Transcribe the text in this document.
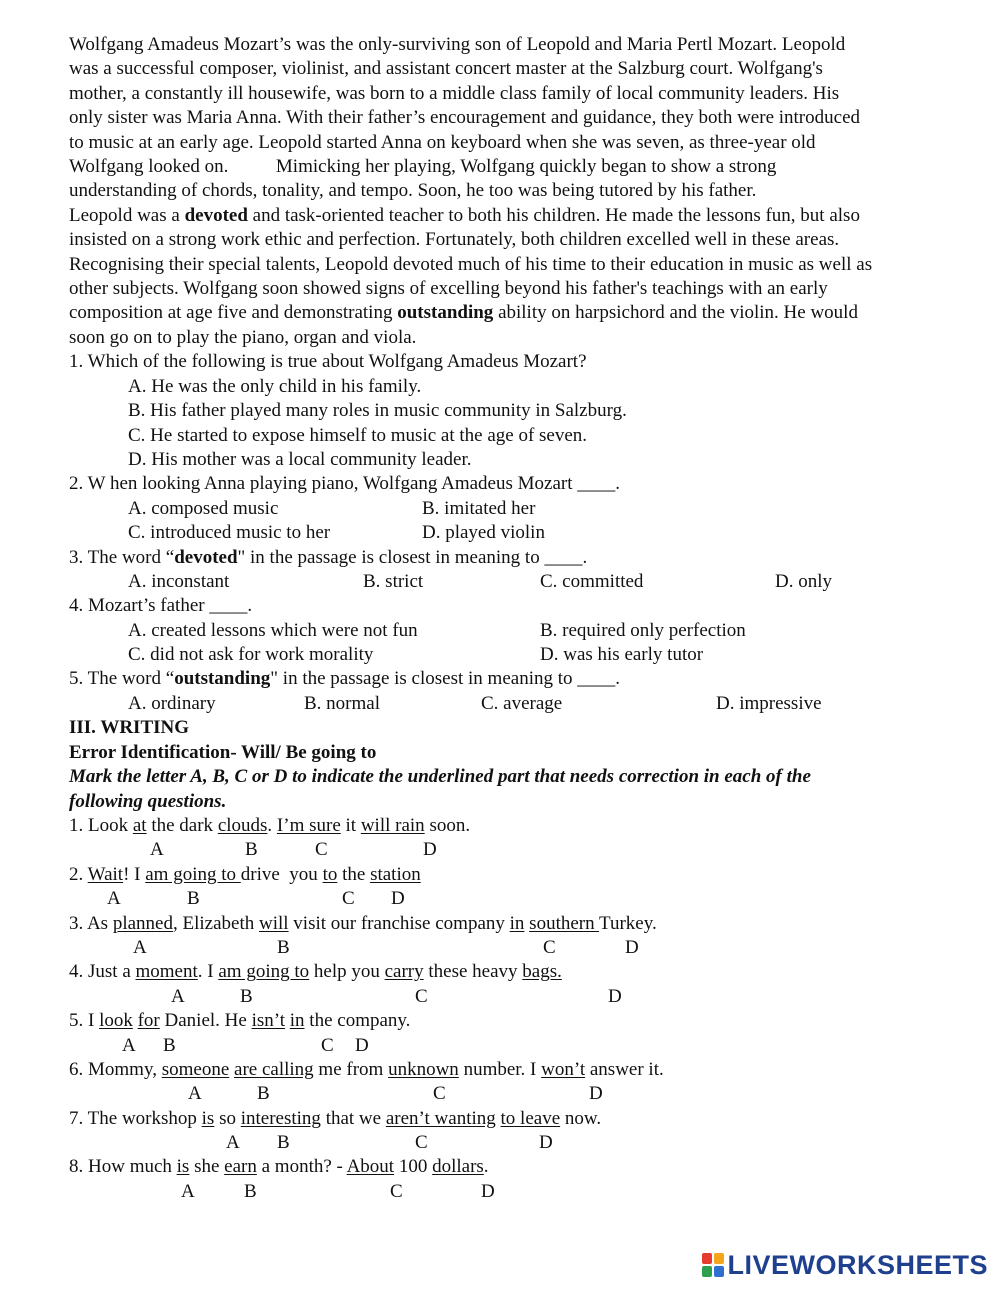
Wolfgang Amadeus Mozart’s was the only-surviving son of Leopold and Maria Pertl Mozart. Leopold
was a successful composer, violinist, and assistant concert master at the Salzburg court. Wolfgang's
mother, a constantly ill housewife, was born to a middle class family of local community leaders. His
only sister was Maria Anna. With their father’s encouragement and guidance, they both were introduced
to music at an early age. Leopold started Anna on keyboard when she was seven, as three-year old
Wolfgang looked on.          Mimicking her playing, Wolfgang quickly began to show a strong
understanding of chords, tonality, and tempo. Soon, he too was being tutored by his father.
Leopold was a devoted and task-oriented teacher to both his children. He made the lessons fun, but also
insisted on a strong work ethic and perfection. Fortunately, both children excelled well in these areas.
Recognising their special talents, Leopold devoted much of his time to their education in music as well as
other subjects. Wolfgang soon showed signs of excelling beyond his father's teachings with an early
composition at age five and demonstrating outstanding ability on harpsichord and the violin. He would
soon go on to play the piano, organ and viola.
1. Which of the following is true about Wolfgang Amadeus Mozart?
A. He was the only child in his family.
B. His father played many roles in music community in Salzburg.
C. He started to expose himself to music at the age of seven.
D. His mother was a local community leader.
2. W hen looking Anna playing piano, Wolfgang Amadeus Mozart ____.
A. composed music	B. imitated her
C. introduced music to her	D. played violin
3. The word “devoted" in the passage is closest in meaning to ____.
A. inconstant	B. strict	C. committed	D. only
4. Mozart’s father ____.
A. created lessons which were not fun	B. required only perfection
C. did not ask for work morality	D. was his early tutor
5. The word “outstanding" in the passage is closest in meaning to ____.
A. ordinary	B. normal	C. average	D. impressive
III. WRITING
Error Identification- Will/ Be going to
Mark the letter A, B, C or D to indicate the underlined part that needs correction in each of the
following questions.
1. Look at the dark clouds. I’m sure it will rain soon.
A	B	C	D
2. Wait! I am going to drive  you to the station
A	B	C D
3. As planned, Elizabeth will visit our franchise company in southern Turkey.
A	B	C	D
4. Just a moment. I am going to help you carry these heavy bags.
A	B	C	D
5. I look for Daniel. He isn’t in the company.
A B	C D
6. Mommy, someone are calling me from unknown number. I won’t answer it.
A	B	C	D
7. The workshop is so interesting that we aren’t wanting to leave now.
A B	C	D
8. How much is she earn a month? - About 100 dollars.
A	B	C	D
LIVEWORKSHEETS
